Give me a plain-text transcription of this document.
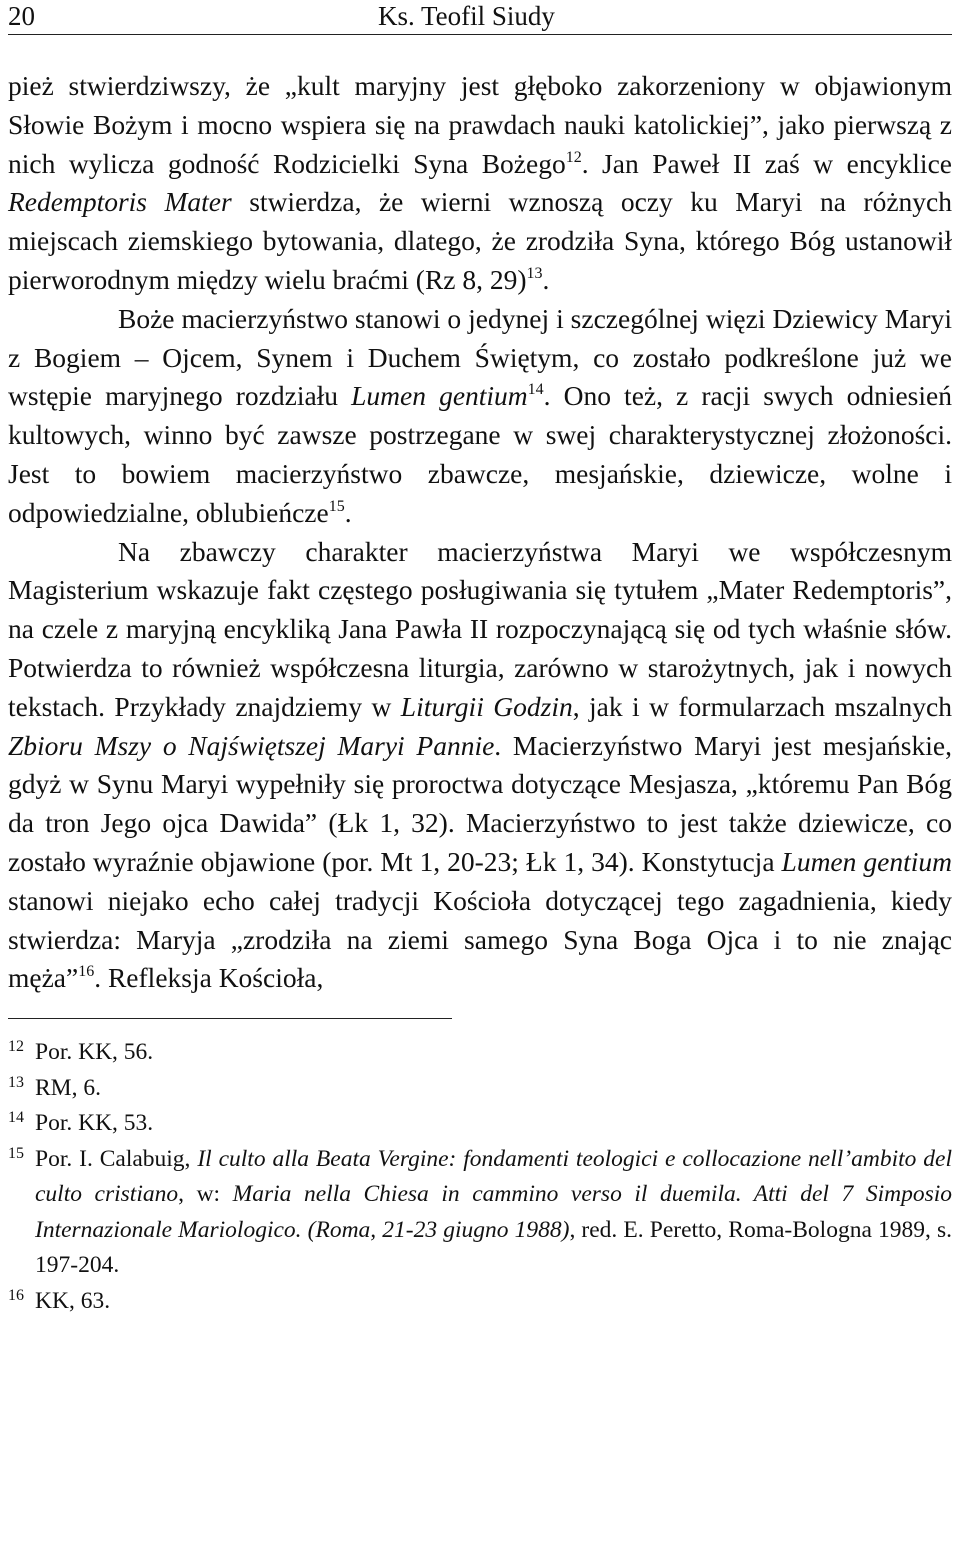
20	Ks. Teofil Siudy

pież stwierdziwszy, że „kult maryjny jest głęboko zakorzeniony w objawionym Słowie Bożym i mocno wspiera się na prawdach nauki katolickiej”, jako pierwszą z nich wylicza godność Rodzicielki Syna Bożego$^{12}$. Jan Paweł II zaś w encyklice Redemptoris Mater stwierdza, że wierni wznoszą oczy ku Maryi na różnych miejscach ziemskiego bytowania, dlatego, że zrodziła Syna, którego Bóg ustanowił pierworodnym między wielu braćmi (Rz 8, 29)$^{13}$.

Boże macierzyństwo stanowi o jedynej i szczególnej więzi Dziewicy Maryi z Bogiem – Ojcem, Synem i Duchem Świętym, co zostało podkreślone już we wstępie maryjnego rozdziału Lumen gentium$^{14}$. Ono też, z racji swych odniesień kultowych, winno być zawsze postrzegane w swej charakterystycznej złożoności. Jest to bowiem macierzyństwo zbawcze, mesjańskie, dziewicze, wolne i odpowiedzialne, oblubieńcze$^{15}$.

Na zbawczy charakter macierzyństwa Maryi we współczesnym Magisterium wskazuje fakt częstego posługiwania się tytułem „Mater Redemptoris”, na czele z maryjną encykliką Jana Pawła II rozpoczynającą się od tych właśnie słów. Potwierdza to również współczesna liturgia, zarówno w starożytnych, jak i nowych tekstach. Przykłady znajdziemy w Liturgii Godzin, jak i w formularzach mszalnych Zbioru Mszy o Najświętszej Maryi Pannie. Macierzyństwo Maryi jest mesjańskie, gdyż w Synu Maryi wypełniły się proroctwa dotyczące Mesjasza, „któremu Pan Bóg da tron Jego ojca Dawida” (Łk 1, 32). Macierzyństwo to jest także dziewicze, co zostało wyraźnie objawione (por. Mt 1, 20-23; Łk 1, 34). Konstytucja Lumen gentium stanowi niejako echo całej tradycji Kościoła dotyczącej tego zagadnienia, kiedy stwierdza: Maryja „zrodziła na ziemi samego Syna Boga Ojca i to nie znając męża”$^{16}$. Refleksja Kościoła,

12 Por. KK, 56.
13 RM, 6.
14 Por. KK, 53.
15 Por. I. Calabuig, Il culto alla Beata Vergine: fondamenti teologici e collocazione nell’ambito del culto cristiano, w: Maria nella Chiesa in cammino verso il duemila. Atti del 7 Simposio Internazionale Mariologico. (Roma, 21-23 giugno 1988), red. E. Peretto, Roma-Bologna 1989, s. 197-204.
16 KK, 63.
